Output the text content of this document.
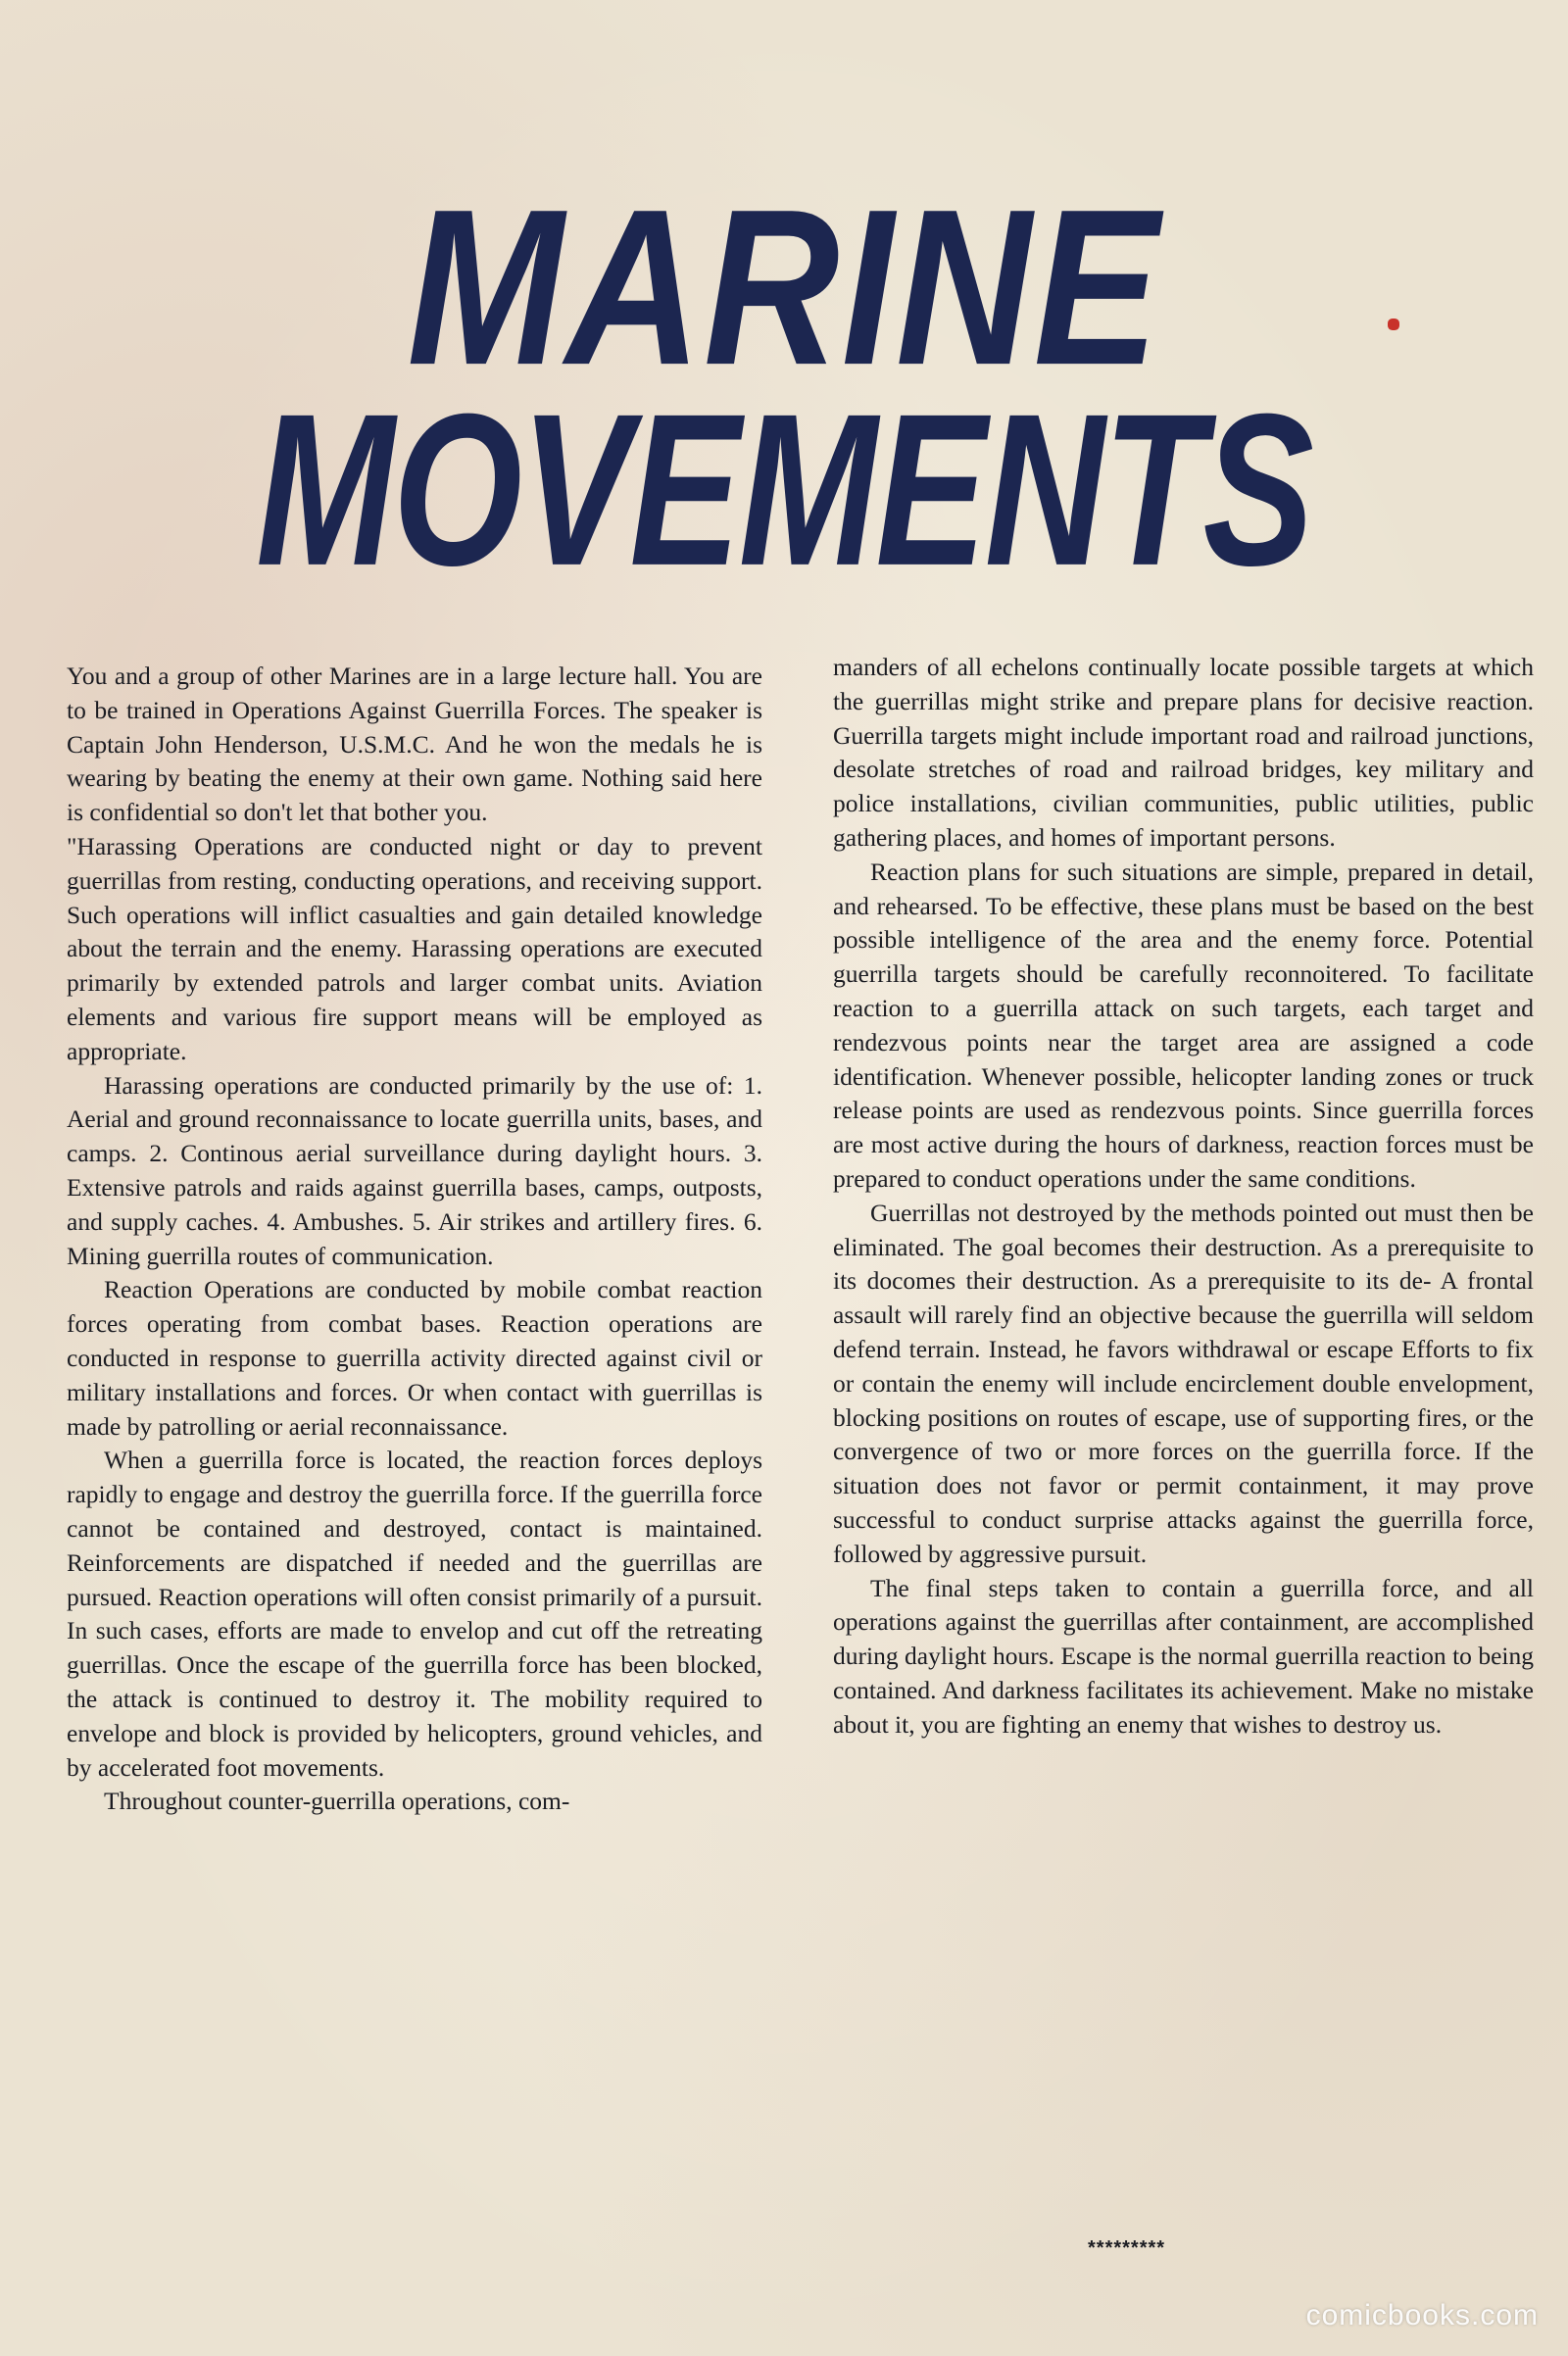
MARINE
MOVEMENTS

You and a group of other Marines are in a large lecture hall. You are to be trained in Operations Against Guerrilla Forces. The speaker is Captain John Henderson, U.S.M.C. And he won the medals he is wearing by beating the enemy at their own game. Nothing said here is confidential so don't let that bother you.

"Harassing Operations are conducted night or day to prevent guerrillas from resting, conducting operations, and receiving support. Such operations will inflict casualties and gain detailed knowledge about the terrain and the enemy. Harassing operations are executed primarily by extended patrols and larger combat units. Aviation elements and various fire support means will be employed as appropriate.

Harassing operations are conducted primarily by the use of: 1. Aerial and ground reconnaissance to locate guerrilla units, bases, and camps. 2. Continous aerial surveillance during daylight hours. 3. Extensive patrols and raids against guerrilla bases, camps, outposts, and supply caches. 4. Ambushes. 5. Air strikes and artillery fires. 6. Mining guerrilla routes of communication.

Reaction Operations are conducted by mobile combat reaction forces operating from combat bases. Reaction operations are conducted in response to guerrilla activity directed against civil or military installations and forces. Or when contact with guerrillas is made by patrolling or aerial reconnaissance.

When a guerrilla force is located, the reaction forces deploys rapidly to engage and destroy the guerrilla force. If the guerrilla force cannot be contained and destroyed, contact is maintained. Reinforcements are dispatched if needed and the guerrillas are pursued. Reaction operations will often consist primarily of a pursuit. In such cases, efforts are made to envelop and cut off the retreating guerrillas. Once the escape of the guerrilla force has been blocked, the attack is continued to destroy it. The mobility required to envelope and block is provided by helicopters, ground vehicles, and by accelerated foot movements.

Throughout counter-guerrilla operations, com-

manders of all echelons continually locate possible targets at which the guerrillas might strike and prepare plans for decisive reaction. Guerrilla targets might include important road and railroad junctions, desolate stretches of road and railroad bridges, key military and police installations, civilian communities, public utilities, public gathering places, and homes of important persons.

Reaction plans for such situations are simple, prepared in detail, and rehearsed. To be effective, these plans must be based on the best possible intelligence of the area and the enemy force. Potential guerrilla targets should be carefully reconnoitered. To facilitate reaction to a guerrilla attack on such targets, each target and rendezvous points near the target area are assigned a code identification. Whenever possible, helicopter landing zones or truck release points are used as rendezvous points. Since guerrilla forces are most active during the hours of darkness, reaction forces must be prepared to conduct operations under the same conditions.

Guerrillas not destroyed by the methods pointed out must then be eliminated. The goal becomes their destruction. As a prerequisite to its docomes their destruction. As a prerequisite to its de- A frontal assault will rarely find an objective because the guerrilla will seldom defend terrain. Instead, he favors withdrawal or escape Efforts to fix or contain the enemy will include encirclement double envelopment, blocking positions on routes of escape, use of supporting fires, or the convergence of two or more forces on the guerrilla force. If the situation does not favor or permit containment, it may prove successful to conduct surprise attacks against the guerrilla force, followed by aggressive pursuit.

The final steps taken to contain a guerrilla force, and all operations against the guerrillas after containment, are accomplished during daylight hours. Escape is the normal guerrilla reaction to being contained. And darkness facilitates its achievement. Make no mistake about it, you are fighting an enemy that wishes to destroy us.

*********
comicbooks.com
